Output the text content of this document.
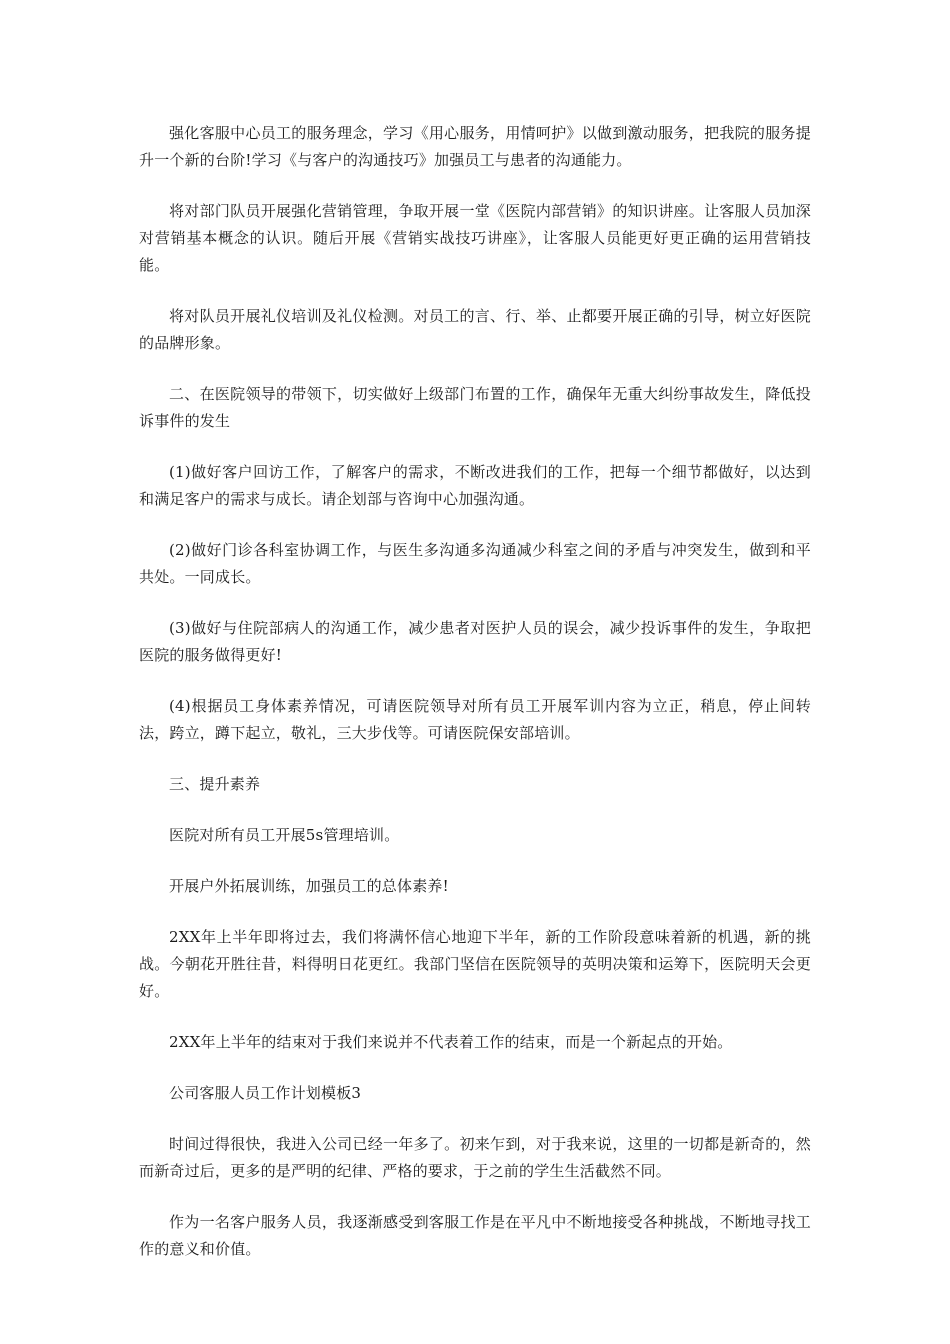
强化客服中心员工的服务理念，学习《用心服务，用情呵护》以做到激动服务，把我院的服务提升一个新的台阶!学习《与客户的沟通技巧》加强员工与患者的沟通能力。

将对部门队员开展强化营销管理，争取开展一堂《医院内部营销》的知识讲座。让客服人员加深对营销基本概念的认识。随后开展《营销实战技巧讲座》，让客服人员能更好更正确的运用营销技能。

将对队员开展礼仪培训及礼仪检测。对员工的言、行、举、止都要开展正确的引导，树立好医院的品牌形象。

二、在医院领导的带领下，切实做好上级部门布置的工作，确保年无重大纠纷事故发生，降低投诉事件的发生

(1)做好客户回访工作，了解客户的需求，不断改进我们的工作，把每一个细节都做好，以达到和满足客户的需求与成长。请企划部与咨询中心加强沟通。

(2)做好门诊各科室协调工作，与医生多沟通多沟通减少科室之间的矛盾与冲突发生，做到和平共处。一同成长。

(3)做好与住院部病人的沟通工作，减少患者对医护人员的误会，减少投诉事件的发生，争取把医院的服务做得更好!

(4)根据员工身体素养情况，可请医院领导对所有员工开展军训内容为立正，稍息，停止间转法，跨立，蹲下起立，敬礼，三大步伐等。可请医院保安部培训。

三、提升素养

医院对所有员工开展5s管理培训。

开展户外拓展训练，加强员工的总体素养!

2XX年上半年即将过去，我们将满怀信心地迎下半年，新的工作阶段意味着新的机遇，新的挑战。今朝花开胜往昔，料得明日花更红。我部门坚信在医院领导的英明决策和运筹下，医院明天会更好。

2XX年上半年的结束对于我们来说并不代表着工作的结束，而是一个新起点的开始。

公司客服人员工作计划模板3

时间过得很快，我进入公司已经一年多了。初来乍到，对于我来说，这里的一切都是新奇的，然而新奇过后，更多的是严明的纪律、严格的要求，于之前的学生生活截然不同。

作为一名客户服务人员，我逐渐感受到客服工作是在平凡中不断地接受各种挑战，不断地寻找工作的意义和价值。
